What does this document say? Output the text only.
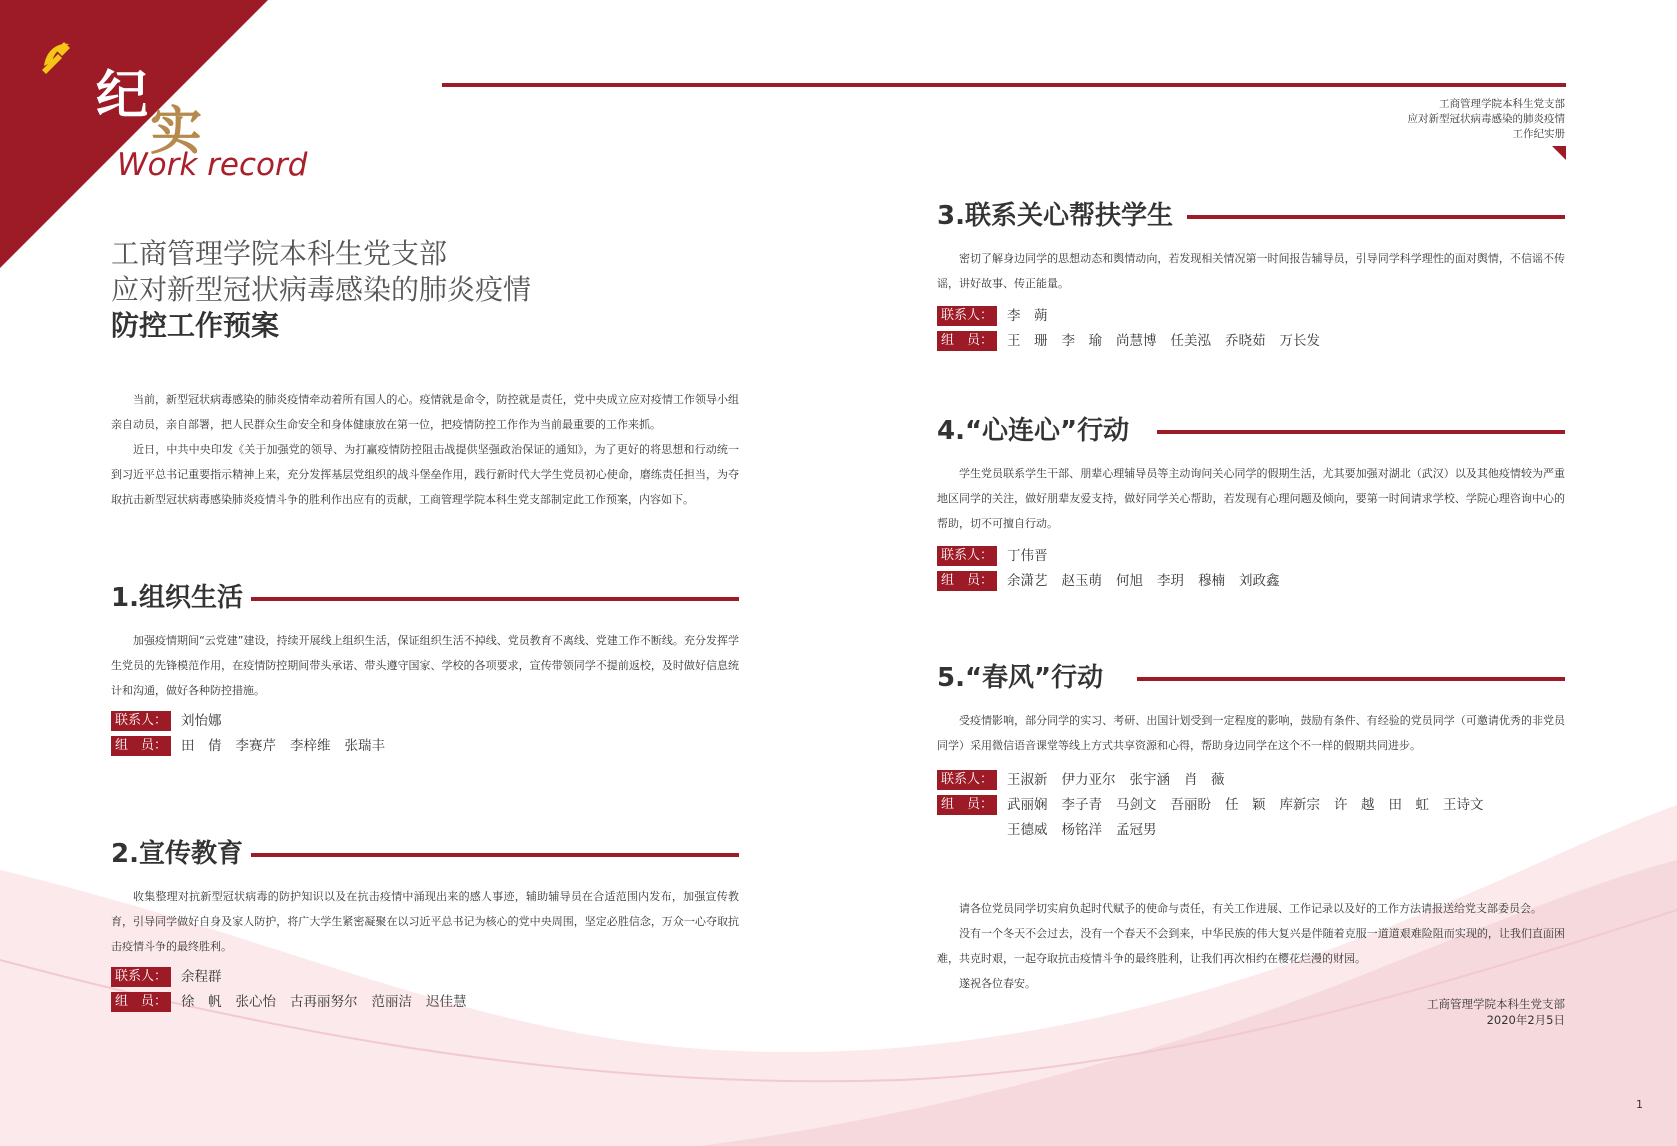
纪
实
Work record
工商管理学院本科生党支部
应对新型冠状病毒感染的肺炎疫情
工作纪实册
工商管理学院本科生党支部
应对新型冠状病毒感染的肺炎疫情
防控工作预案

当前，新型冠状病毒感染的肺炎疫情牵动着所有国人的心。疫情就是命令，防控就是责任，党中央成立应对疫情工作领导小组亲自动员，亲自部署，把人民群众生命安全和身体健康放在第一位，把疫情防控工作作为当前最重要的工作来抓。

近日，中共中央印发《关于加强党的领导、为打赢疫情防控阻击战提供坚强政治保证的通知》，为了更好的将思想和行动统一到习近平总书记重要指示精神上来，充分发挥基层党组织的战斗堡垒作用，践行新时代大学生党员初心使命，磨练责任担当，为夺取抗击新型冠状病毒感染肺炎疫情斗争的胜利作出应有的贡献，工商管理学院本科生党支部制定此工作预案，内容如下。

1.组织生活

加强疫情期间“云党建”建设，持续开展线上组织生活，保证组织生活不掉线、党员教育不离线、党建工作不断线。充分发挥学生党员的先锋模范作用，在疫情防控期间带头承诺、带头遵守国家、学校的各项要求，宣传带领同学不提前返校，及时做好信息统计和沟通，做好各种防控措施。

联系人： 刘怡娜
组　员： 田　倩 李赛芹 李梓维 张瑞丰
2.宣传教育

收集整理对抗新型冠状病毒的防护知识以及在抗击疫情中涌现出来的感人事迹，辅助辅导员在合适范围内发布，加强宣传教育，引导同学做好自身及家人防护，将广大学生紧密凝聚在以习近平总书记为核心的党中央周围，坚定必胜信念，万众一心夺取抗击疫情斗争的最终胜利。

联系人： 余程群
组　员： 徐　帆 张心怡 古再丽努尔 范丽洁 迟佳慧
3.联系关心帮扶学生

密切了解身边同学的思想动态和舆情动向，若发现相关情况第一时间报告辅导员，引导同学科学理性的面对舆情，不信谣不传谣，讲好故事、传正能量。

联系人： 李　蒴
组　员： 王　珊 李　瑜 尚慧博 任美泓 乔晓茹 万长发
4.“心连心”行动

学生党员联系学生干部、朋辈心理辅导员等主动询问关心同学的假期生活，尤其要加强对湖北（武汉）以及其他疫情较为严重地区同学的关注，做好朋辈友爱支持，做好同学关心帮助，若发现有心理问题及倾向，要第一时间请求学校、学院心理咨询中心的帮助，切不可擅自行动。

联系人： 丁伟晋
组　员： 余潇艺 赵玉萌 何旭 李玥 穆楠 刘政鑫
5.“春风”行动

受疫情影响，部分同学的实习、考研、出国计划受到一定程度的影响，鼓励有条件、有经验的党员同学（可邀请优秀的非党员同学）采用微信语音课堂等线上方式共享资源和心得，帮助身边同学在这个不一样的假期共同进步。

联系人： 王淑新 伊力亚尔 张宇涵 肖　薇
组　员： 武丽娴 李子青 马剑文 吾丽盼 任　颖 库新宗 许　越 田　虹 王诗文
王德威 杨铭洋 孟冠男

请各位党员同学切实肩负起时代赋予的使命与责任，有关工作进展、工作记录以及好的工作方法请报送给党支部委员会。

没有一个冬天不会过去，没有一个春天不会到来，中华民族的伟大复兴是伴随着克服一道道艰难险阻而实现的，让我们直面困难，共克时艰，一起夺取抗击疫情斗争的最终胜利，让我们再次相约在樱花烂漫的财园。

遂祝各位春安。

工商管理学院本科生党支部
2020年2月5日
1
